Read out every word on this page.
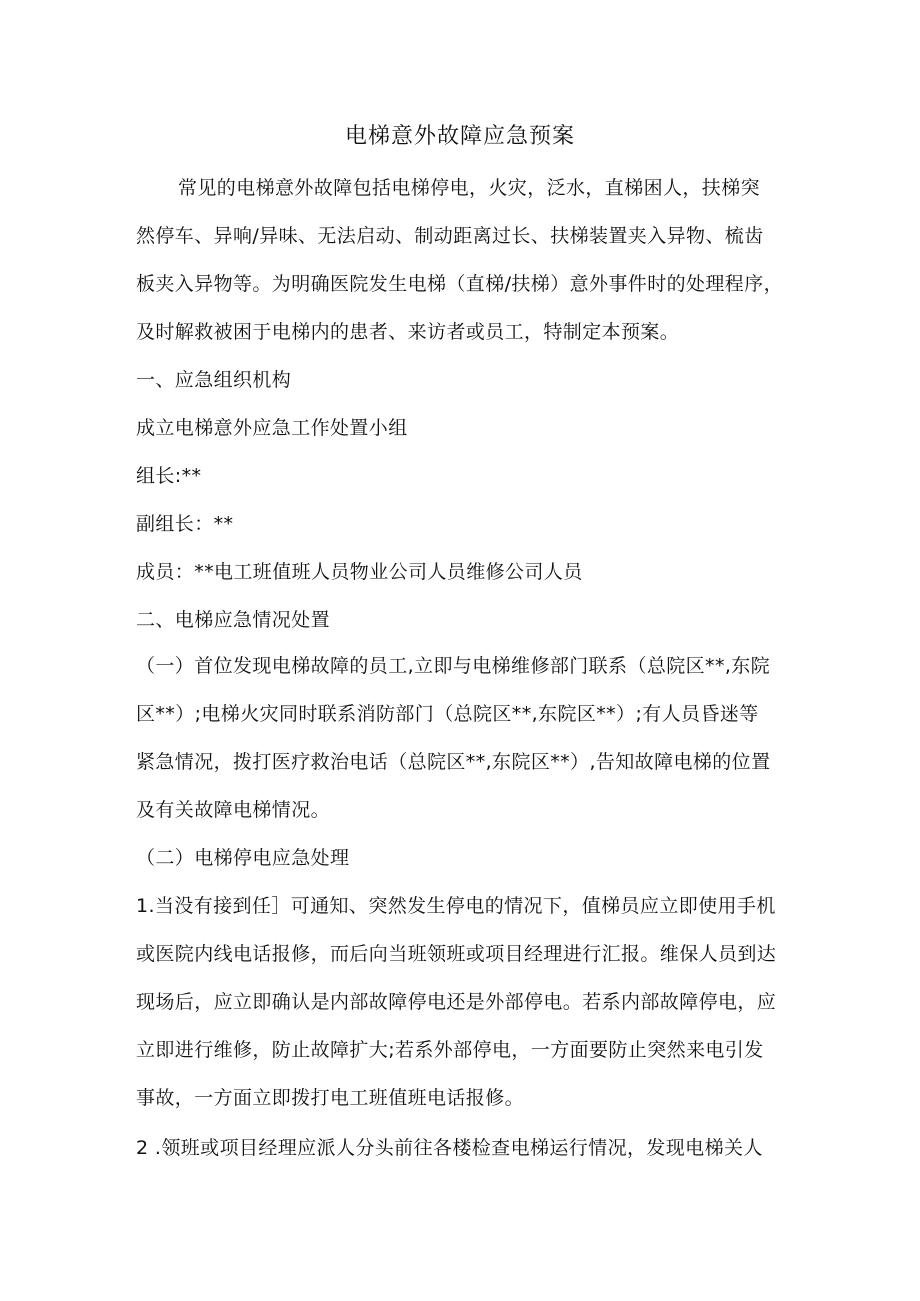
电梯意外故障应急预案
常见的电梯意外故障包括电梯停电，火灾，泛水，直梯困人，扶梯突
然停车、异响/异味、无法启动、制动距离过长、扶梯装置夹入异物、梳齿
板夹入异物等。为明确医院发生电梯（直梯/扶梯）意外事件时的处理程序，
及时解救被困于电梯内的患者、来访者或员工，特制定本预案。
一、应急组织机构
成立电梯意外应急工作处置小组
组长:**
副组长：**
成员：**电工班值班人员物业公司人员维修公司人员
二、电梯应急情况处置
（一）首位发现电梯故障的员工,立即与电梯维修部门联系（总院区**,东院
区**）;电梯火灾同时联系消防部门（总院区**,东院区**）;有人员昏迷等
紧急情况，拨打医疗救治电话（总院区**,东院区**）,告知故障电梯的位置
及有关故障电梯情况。
（二）电梯停电应急处理
1.当没有接到任］可通知、突然发生停电的情况下，值梯员应立即使用手机
或医院内线电话报修，而后向当班领班或项目经理进行汇报。维保人员到达
现场后，应立即确认是内部故障停电还是外部停电。若系内部故障停电，应
立即进行维修，防止故障扩大;若系外部停电，一方面要防止突然来电引发
事故，一方面立即拨打电工班值班电话报修。
2 .领班或项目经理应派人分头前往各楼检查电梯运行情况，发现电梯关人
